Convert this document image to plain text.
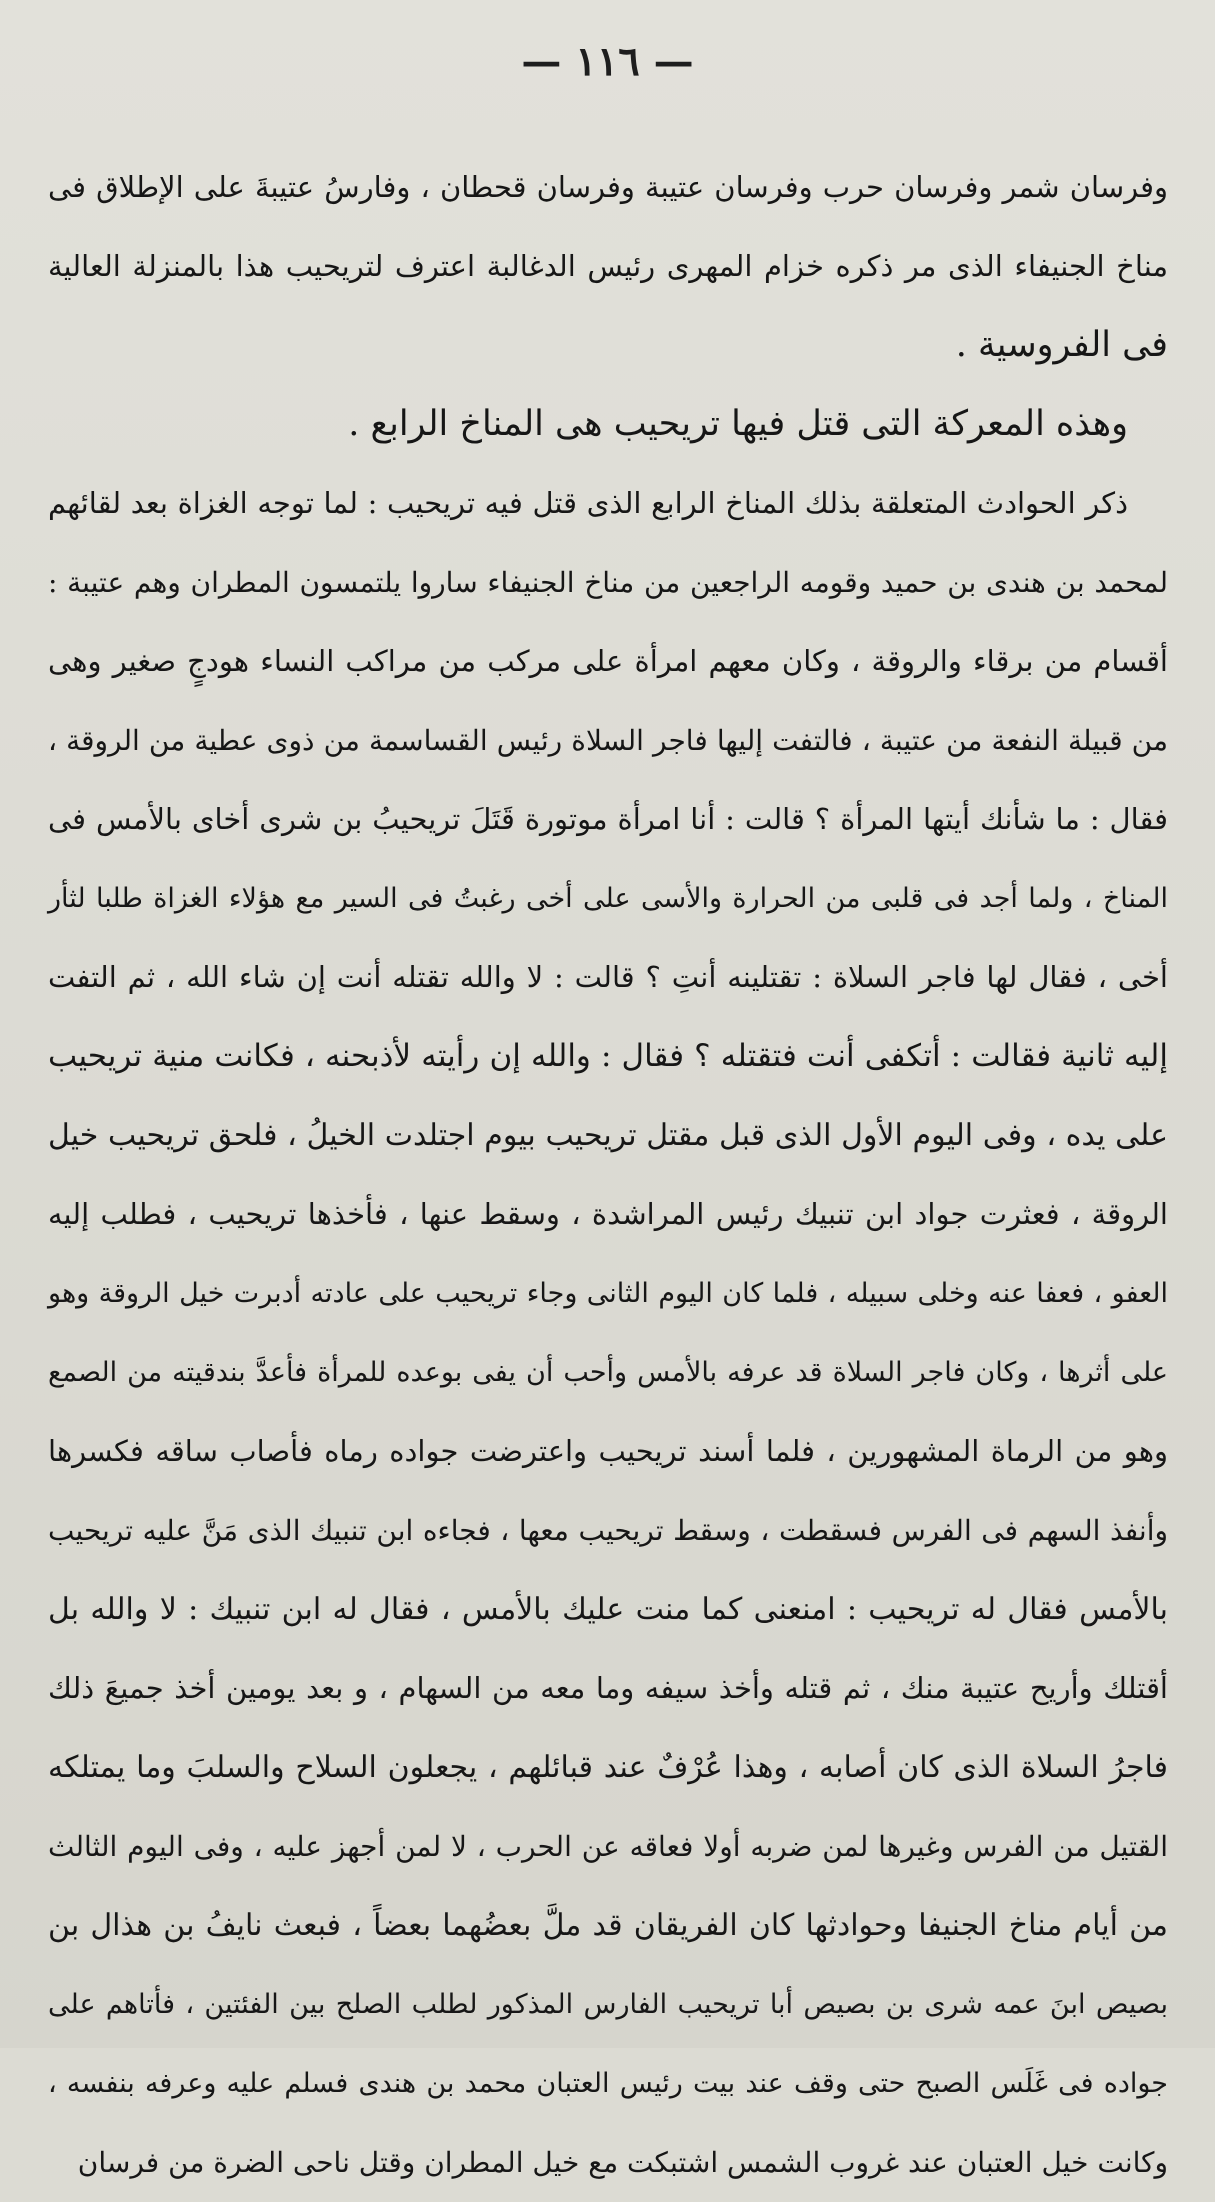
— ١١٦ —
وفرسان شمر وفرسان حرب وفرسان عتيبة وفرسان قحطان ، وفارسُ عتيبةَ على الإطلاق فى
مناخ الجنيفاء الذى مر ذكره خزام المهرى رئيس الدغالبة اعترف لتريحيب هذا بالمنزلة العالية
فى الفروسية .
وهذه المعركة التى قتل فيها تريحيب هى المناخ الرابع .
ذكر الحوادث المتعلقة بذلك المناخ الرابع الذى قتل فيه تريحيب : لما توجه الغزاة بعد لقائهم
لمحمد بن هندى بن حميد وقومه الراجعين من مناخ الجنيفاء ساروا يلتمسون المطران وهم عتيبة :
أقسام من برقاء والروقة ، وكان معهم امرأة على مركب من مراكب النساء هودجٍ صغير وهى
من قبيلة النفعة من عتيبة ، فالتفت إليها فاجر السلاة رئيس القساسمة من ذوى عطية من الروقة ،
فقال : ما شأنك أيتها المرأة ؟ قالت : أنا امرأة موتورة قَتَلَ تريحيبُ بن شرى أخاى بالأمس فى
المناخ ، ولما أجد فى قلبى من الحرارة والأسى على أخى رغبتُ فى السير مع هؤلاء الغزاة طلبا لثأر
أخى ، فقال لها فاجر السلاة : تقتلينه أنتِ ؟ قالت : لا والله تقتله أنت إن شاء الله ، ثم التفت
إليه ثانية فقالت : أتكفى أنت فتقتله ؟ فقال : والله إن رأيته لأذبحنه ، فكانت منية تريحيب
على يده ، وفى اليوم الأول الذى قبل مقتل تريحيب بيوم اجتلدت الخيلُ ، فلحق تريحيب خيل
الروقة ، فعثرت جواد ابن تنبيك رئيس المراشدة ، وسقط عنها ، فأخذها تريحيب ، فطلب إليه
العفو ، فعفا عنه وخلى سبيله ، فلما كان اليوم الثانى وجاء تريحيب على عادته أدبرت خيل الروقة وهو
على أثرها ، وكان فاجر السلاة قد عرفه بالأمس وأحب أن يفى بوعده للمرأة فأعدَّ بندقيته من الصمع
وهو من الرماة المشهورين ، فلما أسند تريحيب واعترضت جواده رماه فأصاب ساقه فكسرها
وأنفذ السهم فى الفرس فسقطت ، وسقط تريحيب معها ، فجاءه ابن تنبيك الذى مَنَّ عليه تريحيب
بالأمس فقال له تريحيب : امنعنى كما منت عليك بالأمس ، فقال له ابن تنبيك : لا والله بل
أقتلك وأريح عتيبة منك ، ثم قتله وأخذ سيفه وما معه من السهام ، و بعد يومين أخذ جميعَ ذلك
فاجرُ السلاة الذى كان أصابه ، وهذا عُرْفٌ عند قبائلهم ، يجعلون السلاح والسلبَ وما يمتلكه
القتيل من الفرس وغيرها لمن ضربه أولا فعاقه عن الحرب ، لا لمن أجهز عليه ، وفى اليوم الثالث
من أيام مناخ الجنيفا وحوادثها كان الفريقان قد ملَّ بعضُهما بعضاً ، فبعث نايفُ بن هذال بن
بصيص ابنَ عمه شرى بن بصيص أبا تريحيب الفارس المذكور لطلب الصلح بين الفئتين ، فأتاهم على
جواده فى غَلَس الصبح حتى وقف عند بيت رئيس العتبان محمد بن هندى فسلم عليه وعرفه بنفسه ،
وكانت خيل العتبان عند غروب الشمس اشتبكت مع خيل المطران وقتل ناحى الضرة من فرسان
